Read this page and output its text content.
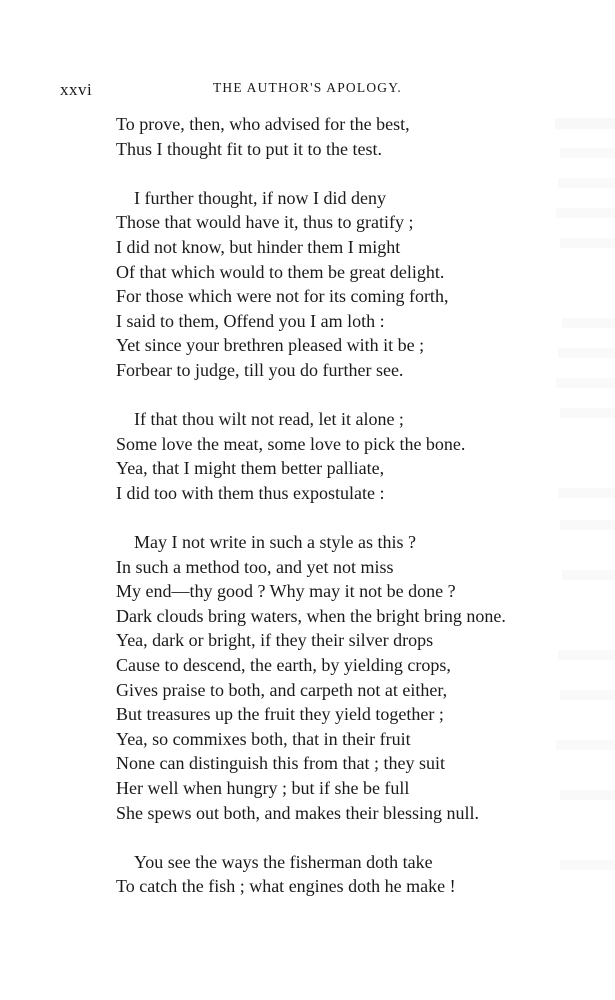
xxvi	THE AUTHOR'S APOLOGY.
To prove, then, who advised for the best,
Thus I thought fit to put it to the test.
I further thought, if now I did deny
Those that would have it, thus to gratify ;
I did not know, but hinder them I might
Of that which would to them be great delight.
For those which were not for its coming forth,
I said to them, Offend you I am loth :
Yet since your brethren pleased with it be ;
Forbear to judge, till you do further see.
If that thou wilt not read, let it alone ;
Some love the meat, some love to pick the bone.
Yea, that I might them better palliate,
I did too with them thus expostulate :
May I not write in such a style as this ?
In such a method too, and yet not miss
My end—thy good ? Why may it not be done ?
Dark clouds bring waters, when the bright bring none.
Yea, dark or bright, if they their silver drops
Cause to descend, the earth, by yielding crops,
Gives praise to both, and carpeth not at either,
But treasures up the fruit they yield together ;
Yea, so commixes both, that in their fruit
None can distinguish this from that ; they suit
Her well when hungry ; but if she be full
She spews out both, and makes their blessing null.
You see the ways the fisherman doth take
To catch the fish ; what engines doth he make !
